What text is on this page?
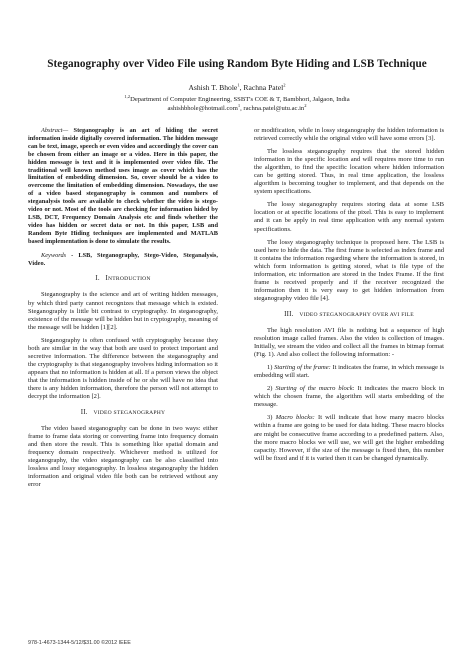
Steganography over Video File using Random Byte Hiding and LSB Technique
Ashish T. Bhole$^1$, Rachna Patel$^2$
$^{1,2}$Department of Computer Engineering, SSBT's COE & T, Bambhori, Jalgaon, India
ashishbhole@hotmail.com$^1$, $rachna.patel@utu.ac.in^2$

Abstract— Steganography is an art of hiding the secret information inside digitally covered information. The hidden message can be text, image, speech or even video and accordingly the cover can be chosen from either an image or a video. Here in this paper, the hidden message is text and it is implemented over video file. The traditional well known method uses image as cover which has the limitation of embedding dimension. So, cover should be a video to overcome the limitation of embedding dimension. Nowadays, the use of a video based steganography is common and numbers of steganalysis tools are available to check whether the video is stego-video or not. Most of the tools are checking for information hided by LSB, DCT, Frequency Domain Analysis etc and finds whether the video has hidden or secret data or not. In this paper, LSB and Random Byte Hiding techniques are implemented and MATLAB based implementation is done to simulate the results.

Keywords - LSB, Steganography, Stego-Video, Steganalysis, Video.

I. INTRODUCTION

Steganography is the science and art of writing hidden messages, by which third party cannot recognizes that message which is existed. Steganography is little bit contrast to cryptography. In steganography, existence of the message will be hidden but in cryptography, meaning of the message will be hidden [1][2].

Steganography is often confused with cryptography because they both are similar in the way that both are used to protect important and secretive information. The difference between the steganography and the cryptography is that steganography involves hiding information so it appears that no information is hidden at all. If a person views the object that the information is hidden inside of he or she will have no idea that there is any hidden information, therefore the person will not attempt to decrypt the information [2].

II. VIDEO STEGANOGRAPHY

The video based steganography can be done in two ways: either frame to frame data storing or converting frame into frequency domain and then store the result. This is something like spatial domain and frequency domain respectively. Whichever method is utilized for steganography, the video steganography can be also classified into lossless and lossy steganography. In lossless steganography the hidden information and original video file both can be retrieved without any error

or modification, while in lossy steganography the hidden information is retrieved correctly while the original video will have some errors [3].

The lossless steganography requires that the stored hidden information in the specific location and will requires more time to run the algorithm, to find the specific location where hidden information can be getting stored. Thus, in real time application, the lossless algorithm is becoming tougher to implement, and that depends on the system specifications.

The lossy steganography requires storing data at some LSB location or at specific locations of the pixel. This is easy to implement and it can be apply in real time application with any normal system specifications.

The lossy steganography technique is proposed here. The LSB is used here to hide the data. The first frame is selected as index frame and it contains the information regarding where the information is stored, in which form information is getting stored, what is file type of the information, etc information are stored in the Index Frame. If the first frame is received properly and if the receiver recognized the information then it is very easy to get hidden information from steganography video file [4].

III. VIDEO STEGANOGRAPHY OVER AVI FILE

The high resolution AVI file is nothing but a sequence of high resolution image called frames. Also the video is collection of images. Initially, we stream the video and collect all the frames in bitmap format (Fig. 1). And also collect the following information: -

1) Starting of the frame: It indicates the frame, in which message is embedding will start.

2) Starting of the macro block: It indicates the macro block in which the chosen frame, the algorithm will starts embedding of the message.

3) Macro blocks: It will indicate that how many macro blocks within a frame are going to be used for data hiding. These macro blocks are might be consecutive frame according to a predefined pattern. Also, the more macro blocks we will use, we will get the higher embedding capacity. However, if the size of the message is fixed then, this number will be fixed and if it is varied then it can be changed dynamically.

978-1-4673-1344-5/12/$31.00 ©2012 IEEE
